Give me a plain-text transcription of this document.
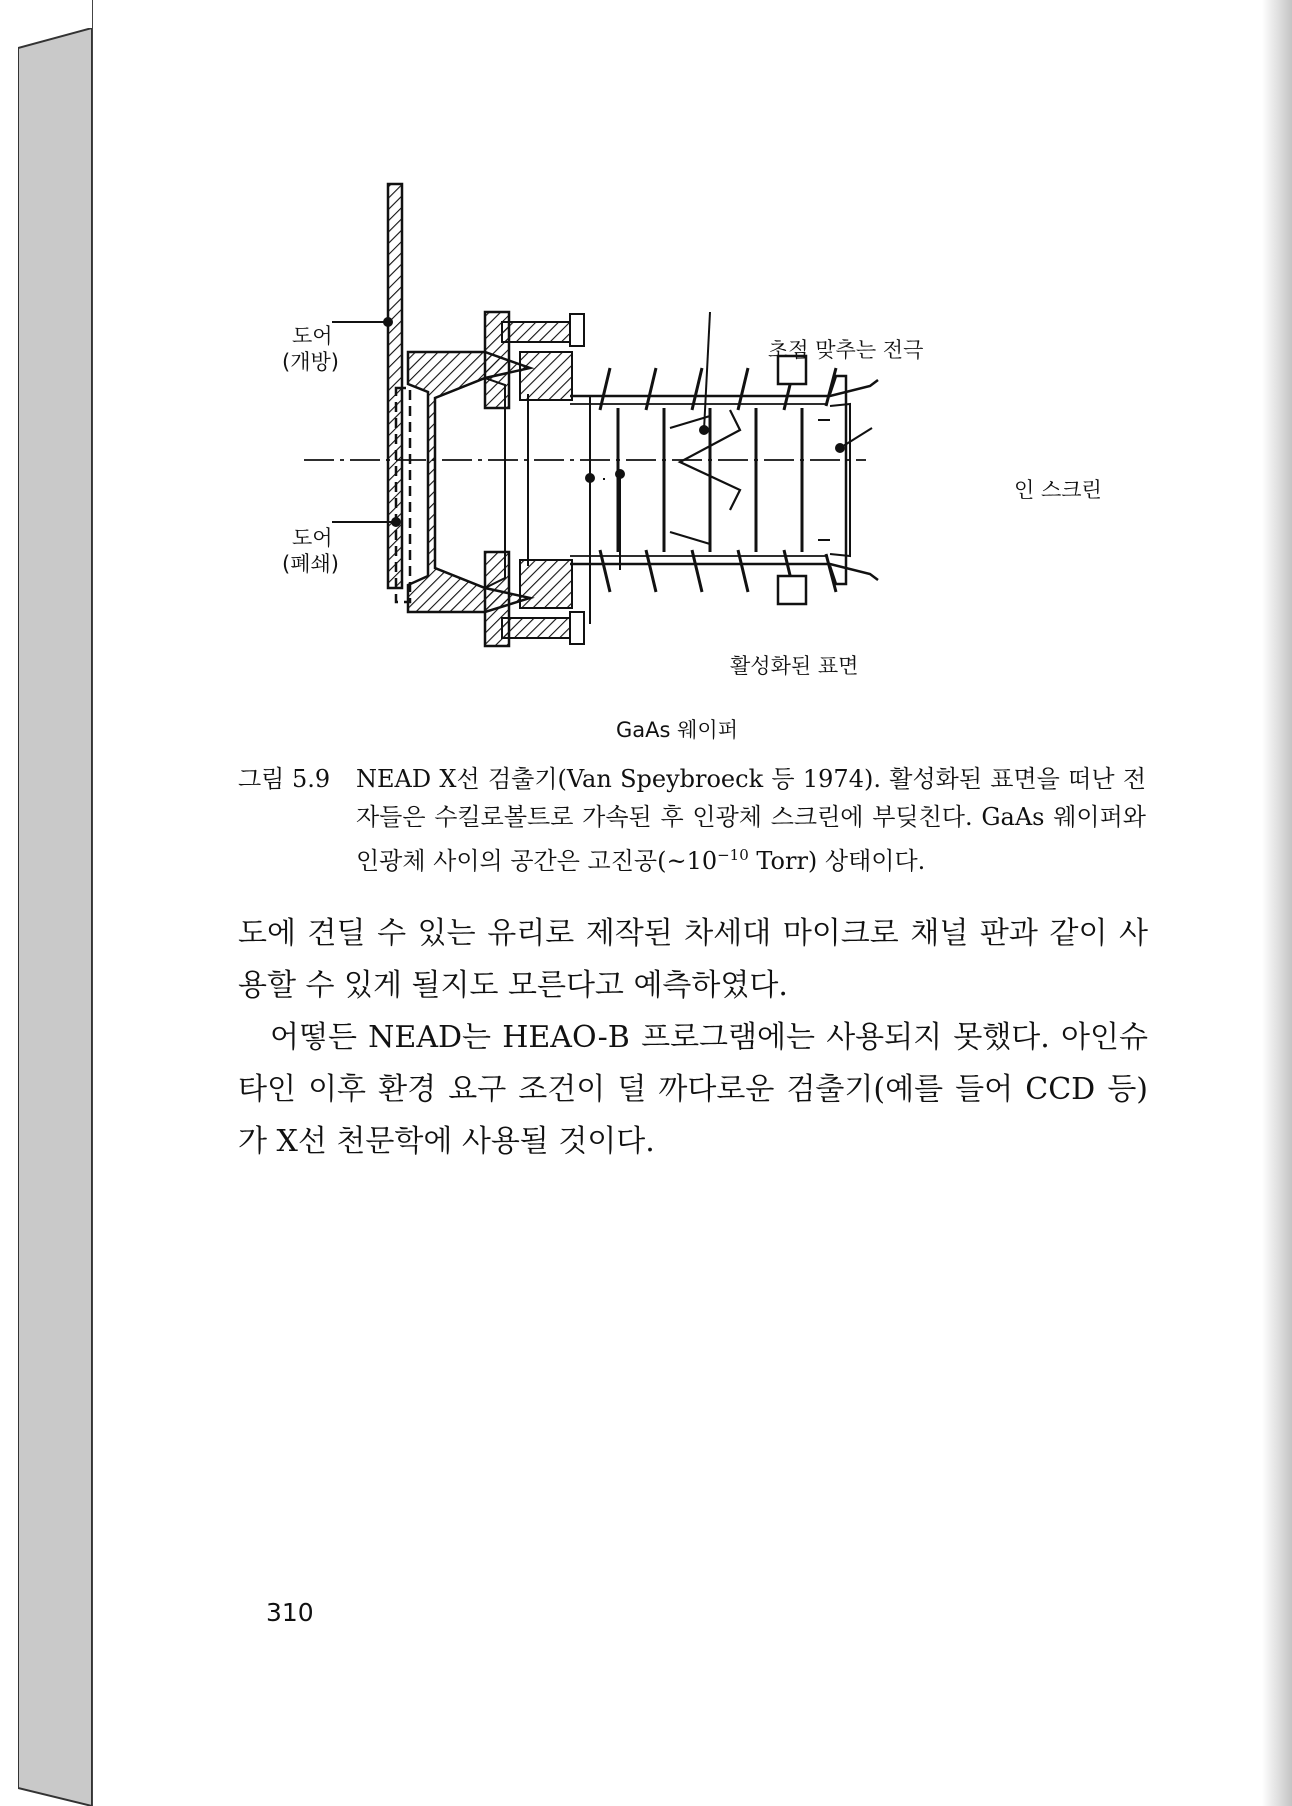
도어
(개방)
도어
(폐쇄)
초점 맞추는 전극
인 스크린
활성화된 표면
GaAs 웨이퍼
그림 5.9 NEAD X선 검출기(Van Speybroeck 등 1974). 활성화된 표면을 떠난 전자들은 수킬로볼트로 가속된 후 인광체 스크린에 부딪친다. GaAs 웨이퍼와 인광체 사이의 공간은 고진공($\sim 10^{-10}$ Torr) 상태이다.

도에 견딜 수 있는 유리로 제작된 차세대 마이크로 채널 판과 같이 사용할 수 있게 될지도 모른다고 예측하였다.

어떻든 NEAD는 HEAO-B 프로그램에는 사용되지 못했다. 아인슈타인 이후 환경 요구 조건이 덜 까다로운 검출기(예를 들어 CCD 등)가 X선 천문학에 사용될 것이다.

310
